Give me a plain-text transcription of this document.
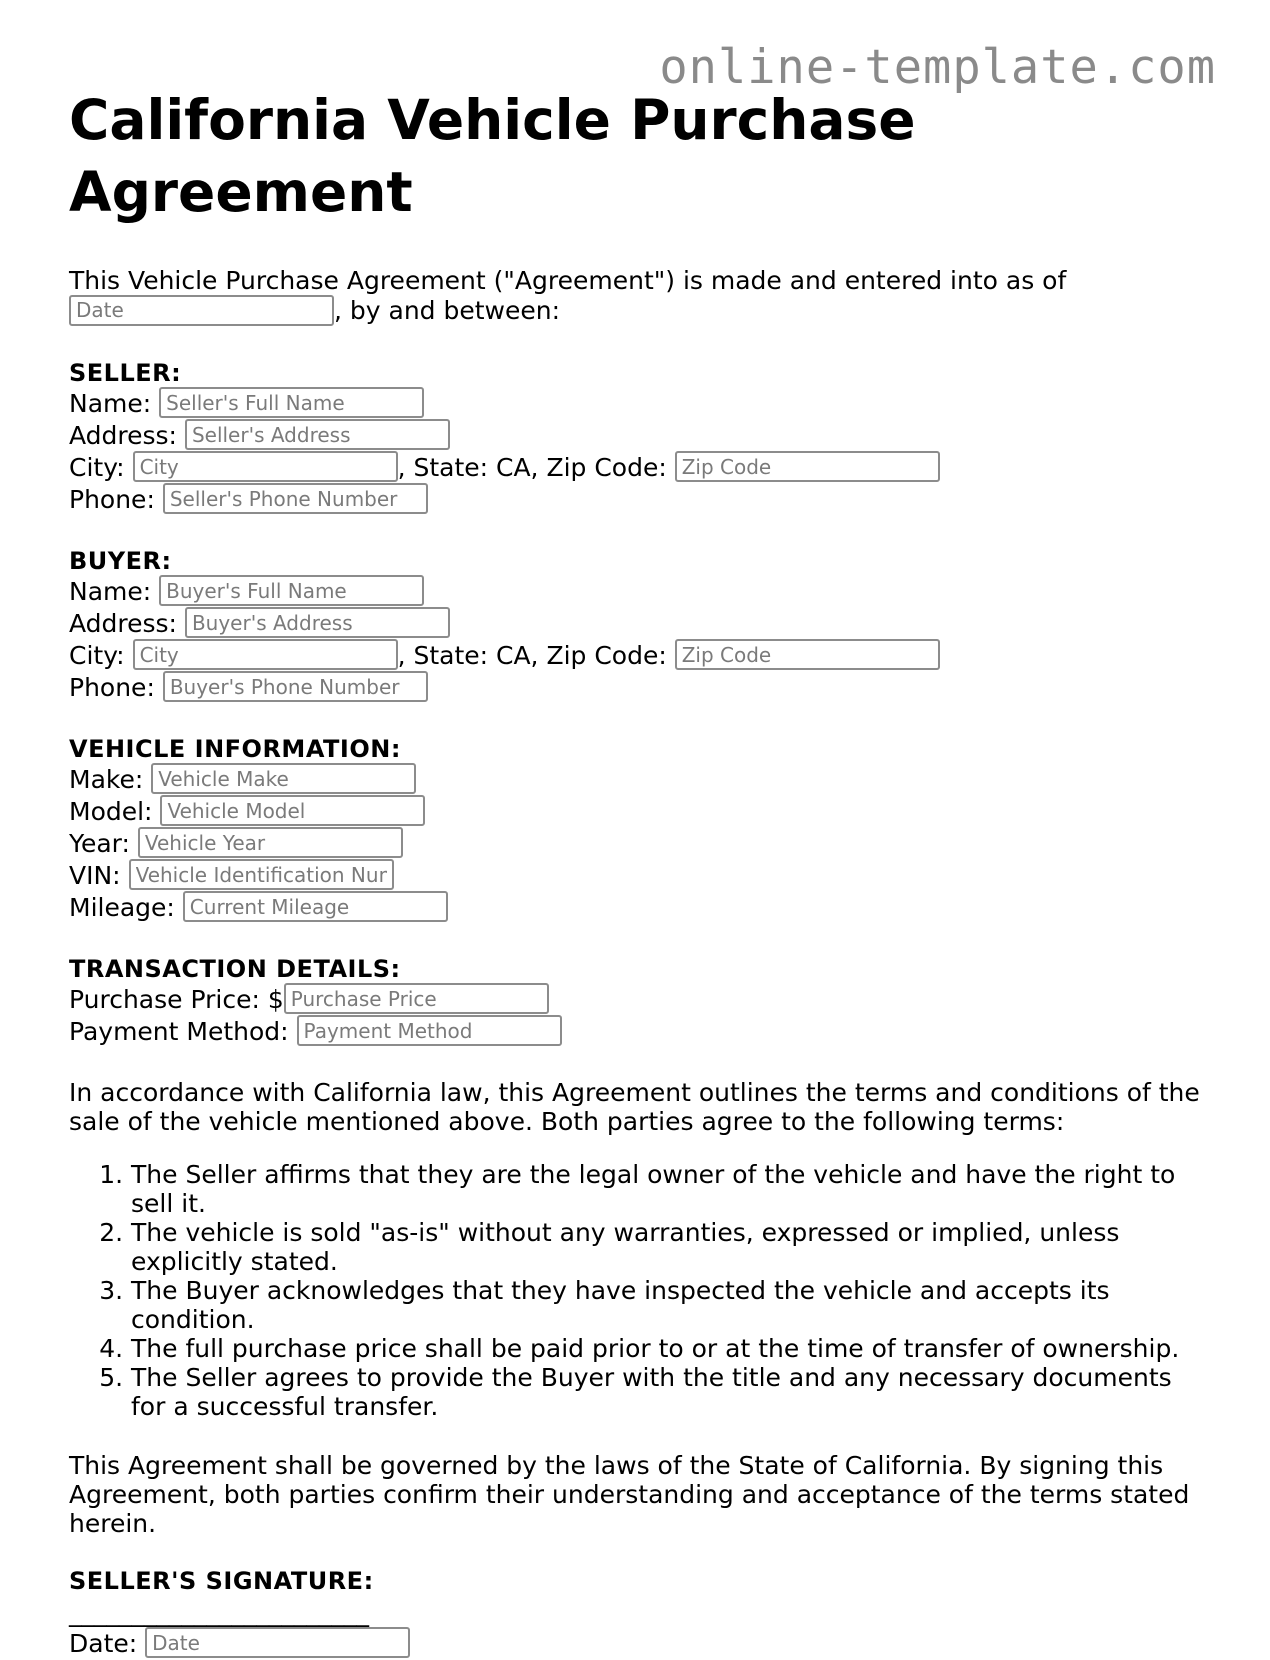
online-template.com
California Vehicle Purchase Agreement
This Vehicle Purchase Agreement ("Agreement") is made and entered into as of
Date, by and between:
SELLER:
Name: Seller's Full Name
Address: Seller's Address
City: City	, State: CA, Zip Code: Zip Code
Phone: Seller's Phone Number
BUYER:
Name: Buyer's Full Name
Address: Buyer's Address
City: City	, State: CA, Zip Code: Zip Code
Phone: Buyer's Phone Number
VEHICLE INFORMATION:
Make: Vehicle Make
Model: Vehicle Model
Year: Vehicle Year
VIN: Vehicle Identification Num
Mileage: Current Mileage
TRANSACTION DETAILS:
Purchase Price: $Purchase Price
Payment Method: Payment Method
In accordance with California law, this Agreement outlines the terms and conditions of the sale of the vehicle mentioned above. Both parties agree to the following terms:
1. The Seller affirms that they are the legal owner of the vehicle and have the right to sell it.
2. The vehicle is sold "as-is" without any warranties, expressed or implied, unless explicitly stated.
3. The Buyer acknowledges that they have inspected the vehicle and accepts its condition.
4. The full purchase price shall be paid prior to or at the time of transfer of ownership.
5. The Seller agrees to provide the Buyer with the title and any necessary documents for a successful transfer.
This Agreement shall be governed by the laws of the State of California. By signing this Agreement, both parties confirm their understanding and acceptance of the terms stated herein.
SELLER'S SIGNATURE:
________________________
Date: Date
